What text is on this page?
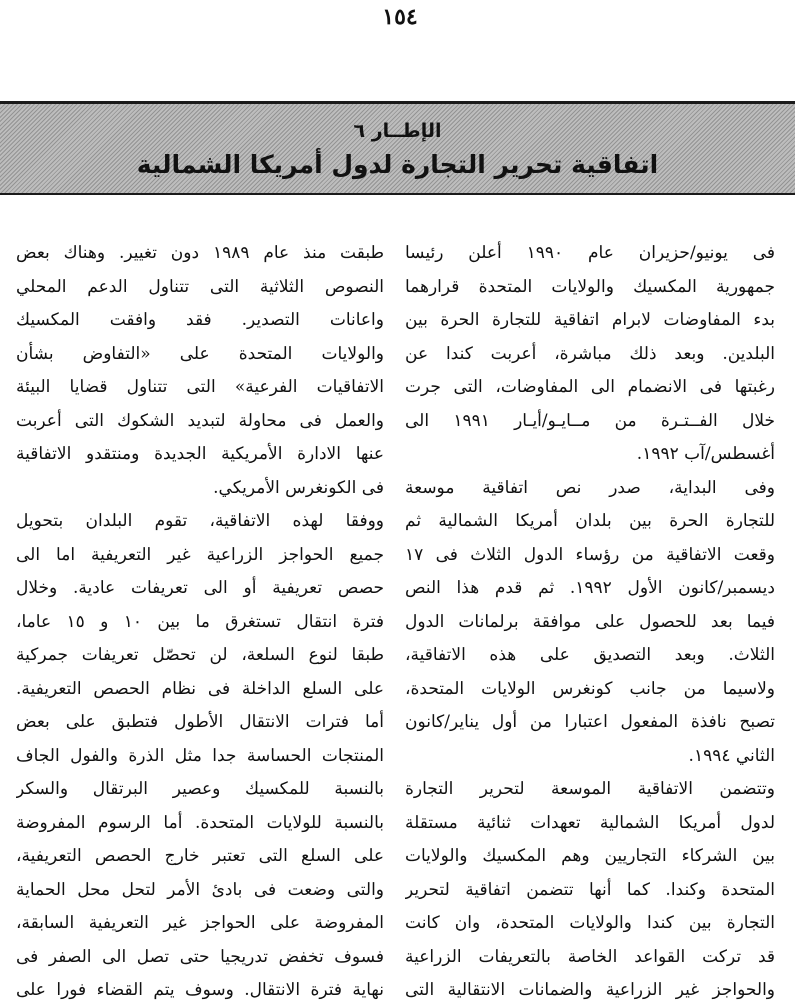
١٥٤
الإطــار ٦
اتفاقية تحرير التجارة لدول أمريكا الشمالية
فى يونيو/حزيران عام ١٩٩٠ أعلن رئيسا
جمهورية المكسيك والولايات المتحدة قرارهما
بدء المفاوضات لابرام اتفاقية للتجارة الحرة بين
البلدين. وبعد ذلك مباشرة، أعربت كندا عن
رغبتها فى الانضمام الى المفاوضات، التى جرت
خلال الفــتـرة من مــايـو/أيـار ١٩٩١ الى
أغسطس/آب ١٩٩٢.
وفى البداية، صدر نص اتفاقية موسعة
للتجارة الحرة بين بلدان أمريكا الشمالية ثم
وقعت الاتفاقية من رؤساء الدول الثلاث فى ١٧
ديسمبر/كانون الأول ١٩٩٢. ثم قدم هذا النص
فيما بعد للحصول على موافقة برلمانات الدول
الثلاث. وبعد التصديق على هذه الاتفاقية،
ولاسيما من جانب كونغرس الولايات المتحدة،
تصبح نافذة المفعول اعتبارا من أول يناير/كانون
الثاني ١٩٩٤.
وتتضمن الاتفاقية الموسعة لتحرير التجارة
لدول أمريكا الشمالية تعهدات ثنائية مستقلة
بين الشركاء التجاريين وهم المكسيك والولايات
المتحدة وكندا. كما أنها تتضمن اتفاقية لتحرير
التجارة بين كندا والولايات المتحدة، وان كانت
قد تركت القواعد الخاصة بالتعريفات الزراعية
والحواجز غير الزراعية والضمانات الانتقالية التى
طبقت منذ عام ١٩٨٩ دون تغيير. وهناك بعض
النصوص الثلاثية التى تتناول الدعم المحلي
واعانات التصدير. فقد وافقت المكسيك
والولايات المتحدة على «التفاوض بشأن
الاتفاقيات الفرعية» التى تتناول قضايا البيئة
والعمل فى محاولة لتبديد الشكوك التى أعربت
عنها الادارة الأمريكية الجديدة ومنتقدو الاتفاقية
فى الكونغرس الأمريكي.
ووفقا لهذه الاتفاقية، تقوم البلدان بتحويل
جميع الحواجز الزراعية غير التعريفية اما الى
حصص تعريفية أو الى تعريفات عادية. وخلال
فترة انتقال تستغرق ما بين ١٠ و ١٥ عاما،
طبقا لنوع السلعة، لن تحصّل تعريفات جمركية
على السلع الداخلة فى نظام الحصص التعريفية.
أما فترات الانتقال الأطول فتطبق على بعض
المنتجات الحساسة جدا مثل الذرة والفول الجاف
بالنسبة للمكسيك وعصير البرتقال والسكر
بالنسبة للولايات المتحدة. أما الرسوم المفروضة
على السلع التى تعتبر خارج الحصص التعريفية،
والتى وضعت فى بادئ الأمر لتحل محل الحماية
المفروضة على الحواجز غير التعريفية السابقة،
فسوف تخفض تدريجيا حتى تصل الى الصفر فى
نهاية فترة الانتقال. وسوف يتم القضاء فورا على
